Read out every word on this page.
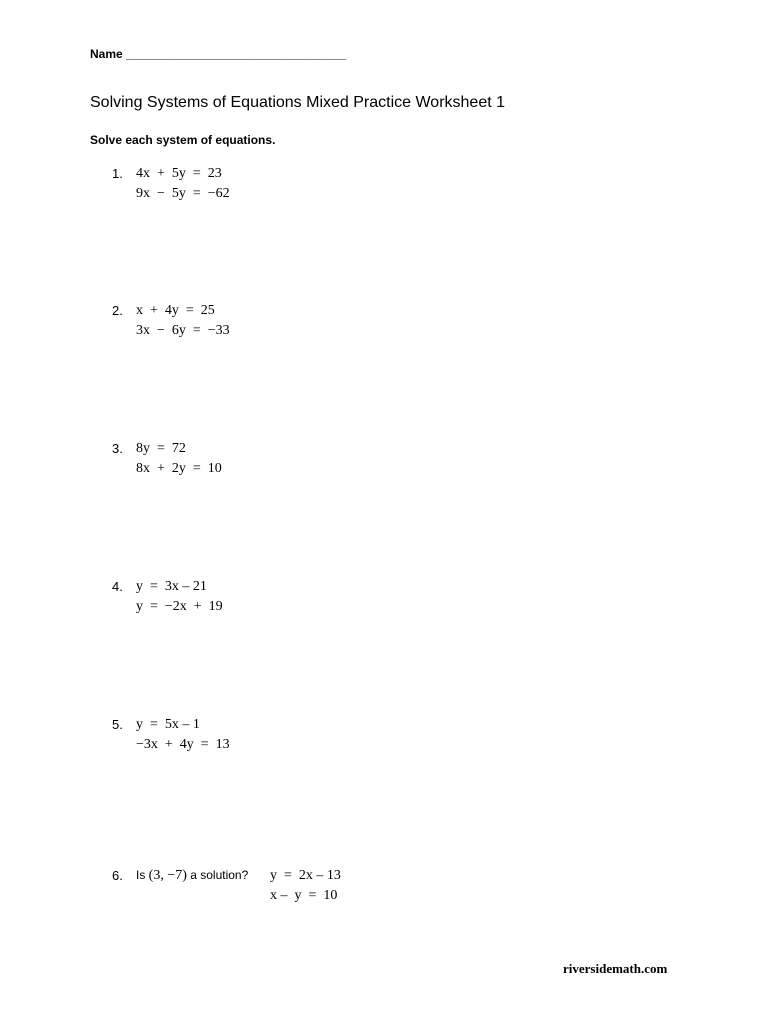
Name _________________________________
Solving Systems of Equations Mixed Practice Worksheet 1
Solve each system of equations.
1. 4x  +  5y  =  23
9x  −  5y  =  −62
2. x  +  4y  =  25
3x  −  6y  =  −33
3. 8y  =  72
8x  +  2y  =  10
4. y  =  3x – 21
y  =  −2x  +  19
5. y  =  5x – 1
−3x  +  4y  =  13
6. Is (3, −7) a solution? y  =  2x – 13
x –  y  =  10
riversidemath.com
